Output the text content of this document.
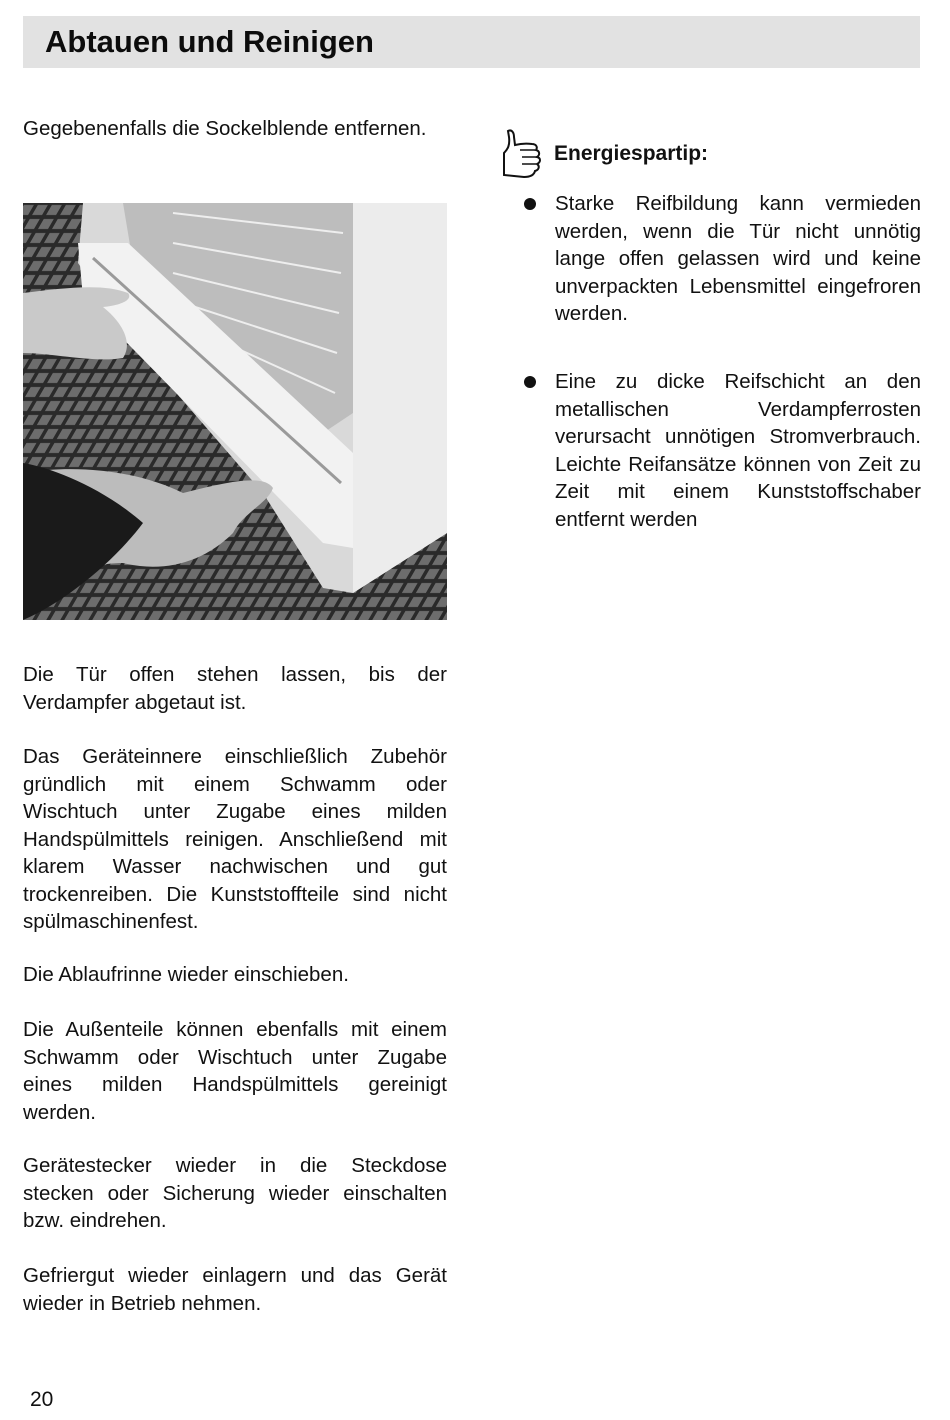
Abtauen und Reinigen

Gegebenenfalls die Sockelblende entfernen.

Energiespartip:

Starke Reifbildung kann vermieden werden, wenn die Tür nicht unnötig lange offen gelassen wird und keine unverpackten Lebensmittel eingefroren werden.

Eine zu dicke Reifschicht an den metallischen Verdampferrosten verursacht unnötigen Stromverbrauch. Leichte Reifansätze können von Zeit zu Zeit mit einem Kunststoffschaber entfernt werden

Die Tür offen stehen lassen, bis der Verdampfer abgetaut ist.

Das Geräteinnere einschließlich Zubehör gründlich mit einem Schwamm oder Wischtuch unter Zugabe eines milden Handspülmittels reinigen. Anschließend mit klarem Wasser nachwischen und gut trockenreiben. Die Kunststoffteile sind nicht spülmaschinenfest.

Die Ablaufrinne wieder einschieben.

Die Außenteile können ebenfalls mit einem Schwamm oder Wischtuch unter Zugabe eines milden Handspülmittels gereinigt werden.

Gerätestecker wieder in die Steckdose stecken oder Sicherung wieder einschalten bzw. eindrehen.

Gefriergut wieder einlagern und das Gerät wieder in Betrieb nehmen.

20
